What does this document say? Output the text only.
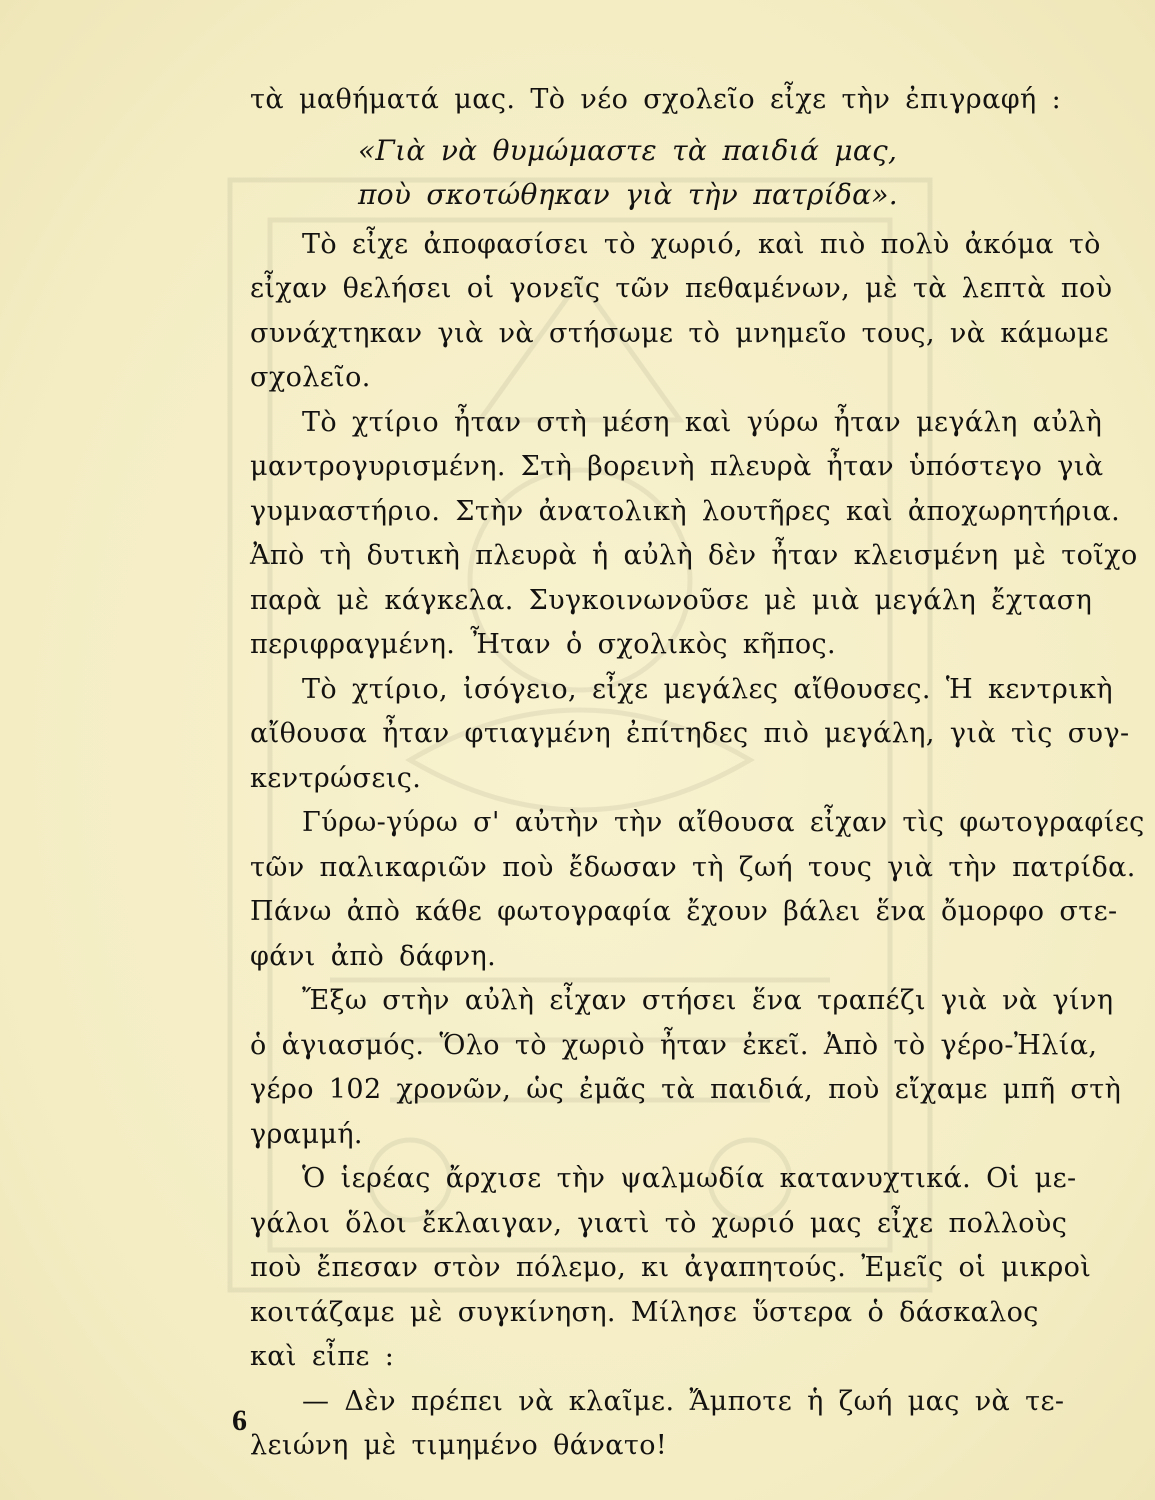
τὰ μαθήματά μας. Τὸ νέο σχολεῖο εἶχε τὴν ἐπιγραφή :
«Γιὰ νὰ θυμώμαστε τὰ παιδιά μας,
ποὺ σκοτώθηκαν γιὰ τὴν πατρίδα».
Τὸ εἶχε ἀποφασίσει τὸ χωριό, καὶ πιὸ πολὺ ἀκόμα τὸ
εἶχαν θελήσει οἱ γονεῖς τῶν πεθαμένων, μὲ τὰ λεπτὰ ποὺ
συνάχτηκαν γιὰ νὰ στήσωμε τὸ μνημεῖο τους, νὰ κάμωμε
σχολεῖο.
Τὸ χτίριο ἦταν στὴ μέση καὶ γύρω ἦταν μεγάλη αὐλὴ
μαντρογυρισμένη. Στὴ βορεινὴ πλευρὰ ἦταν ὑπόστεγο γιὰ
γυμναστήριο. Στὴν ἀνατολικὴ λουτῆρες καὶ ἀποχωρητήρια.
Ἀπὸ τὴ δυτικὴ πλευρὰ ἡ αὐλὴ δὲν ἦταν κλεισμένη μὲ τοῖχο
παρὰ μὲ κάγκελα. Συγκοινωνοῦσε μὲ μιὰ μεγάλη ἔχταση
περιφραγμένη. Ἦταν ὁ σχολικὸς κῆπος.
Τὸ χτίριο, ἰσόγειο, εἶχε μεγάλες αἴθουσες. Ἡ κεντρικὴ
αἴθουσα ἦταν φτιαγμένη ἐπίτηδες πιὸ μεγάλη, γιὰ τὶς συγ-
κεντρώσεις.
Γύρω-γύρω σ' αὐτὴν τὴν αἴθουσα εἶχαν τὶς φωτογραφίες
τῶν παλικαριῶν ποὺ ἔδωσαν τὴ ζωή τους γιὰ τὴν πατρίδα.
Πάνω ἀπὸ κάθε φωτογραφία ἔχουν βάλει ἕνα ὄμορφο στε-
φάνι ἀπὸ δάφνη.
Ἔξω στὴν αὐλὴ εἶχαν στήσει ἕνα τραπέζι γιὰ νὰ γίνη
ὁ ἁγιασμός. Ὅλο τὸ χωριὸ ἦταν ἐκεῖ. Ἀπὸ τὸ γέρο-Ἠλία,
γέρο 102 χρονῶν, ὡς ἐμᾶς τὰ παιδιά, ποὺ εἴχαμε μπῆ στὴ
γραμμή.
Ὁ ἱερέας ἄρχισε τὴν ψαλμωδία κατανυχτικά. Οἱ με-
γάλοι ὅλοι ἔκλαιγαν, γιατὶ τὸ χωριό μας εἶχε πολλοὺς
ποὺ ἔπεσαν στὸν πόλεμο, κι ἀγαπητούς. Ἐμεῖς οἱ μικροὶ
κοιτάζαμε μὲ συγκίνηση. Μίλησε ὕστερα ὁ δάσκαλος
καὶ εἶπε :
— Δὲν πρέπει νὰ κλαῖμε. Ἄμποτε ἡ ζωή μας νὰ τε-
λειώνη μὲ τιμημένο θάνατο!
6
